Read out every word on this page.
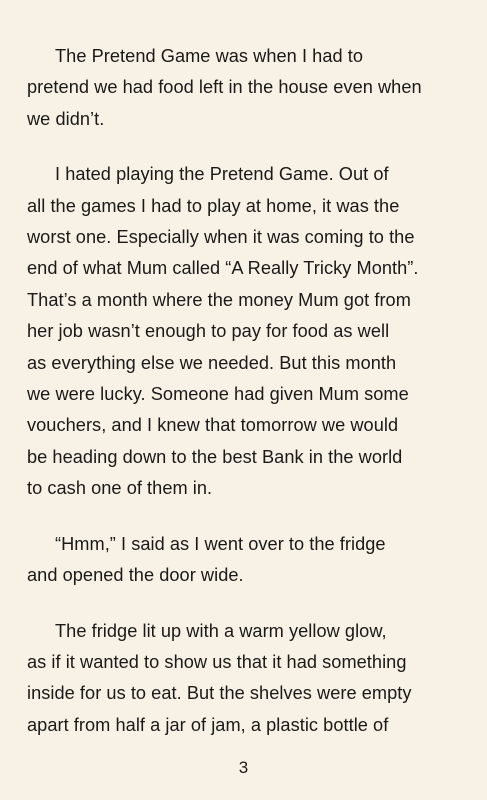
The Pretend Game was when I had to
pretend we had food left in the house even when
we didn’t.

I hated playing the Pretend Game. Out of
all the games I had to play at home, it was the
worst one. Especially when it was coming to the
end of what Mum called “A Really Tricky Month”.
That’s a month where the money Mum got from
her job wasn’t enough to pay for food as well
as everything else we needed. But this month
we were lucky. Someone had given Mum some
vouchers, and I knew that tomorrow we would
be heading down to the best Bank in the world
to cash one of them in.

“Hmm,” I said as I went over to the fridge
and opened the door wide.

The fridge lit up with a warm yellow glow,
as if it wanted to show us that it had something
inside for us to eat. But the shelves were empty
apart from half a jar of jam, a plastic bottle of

3
